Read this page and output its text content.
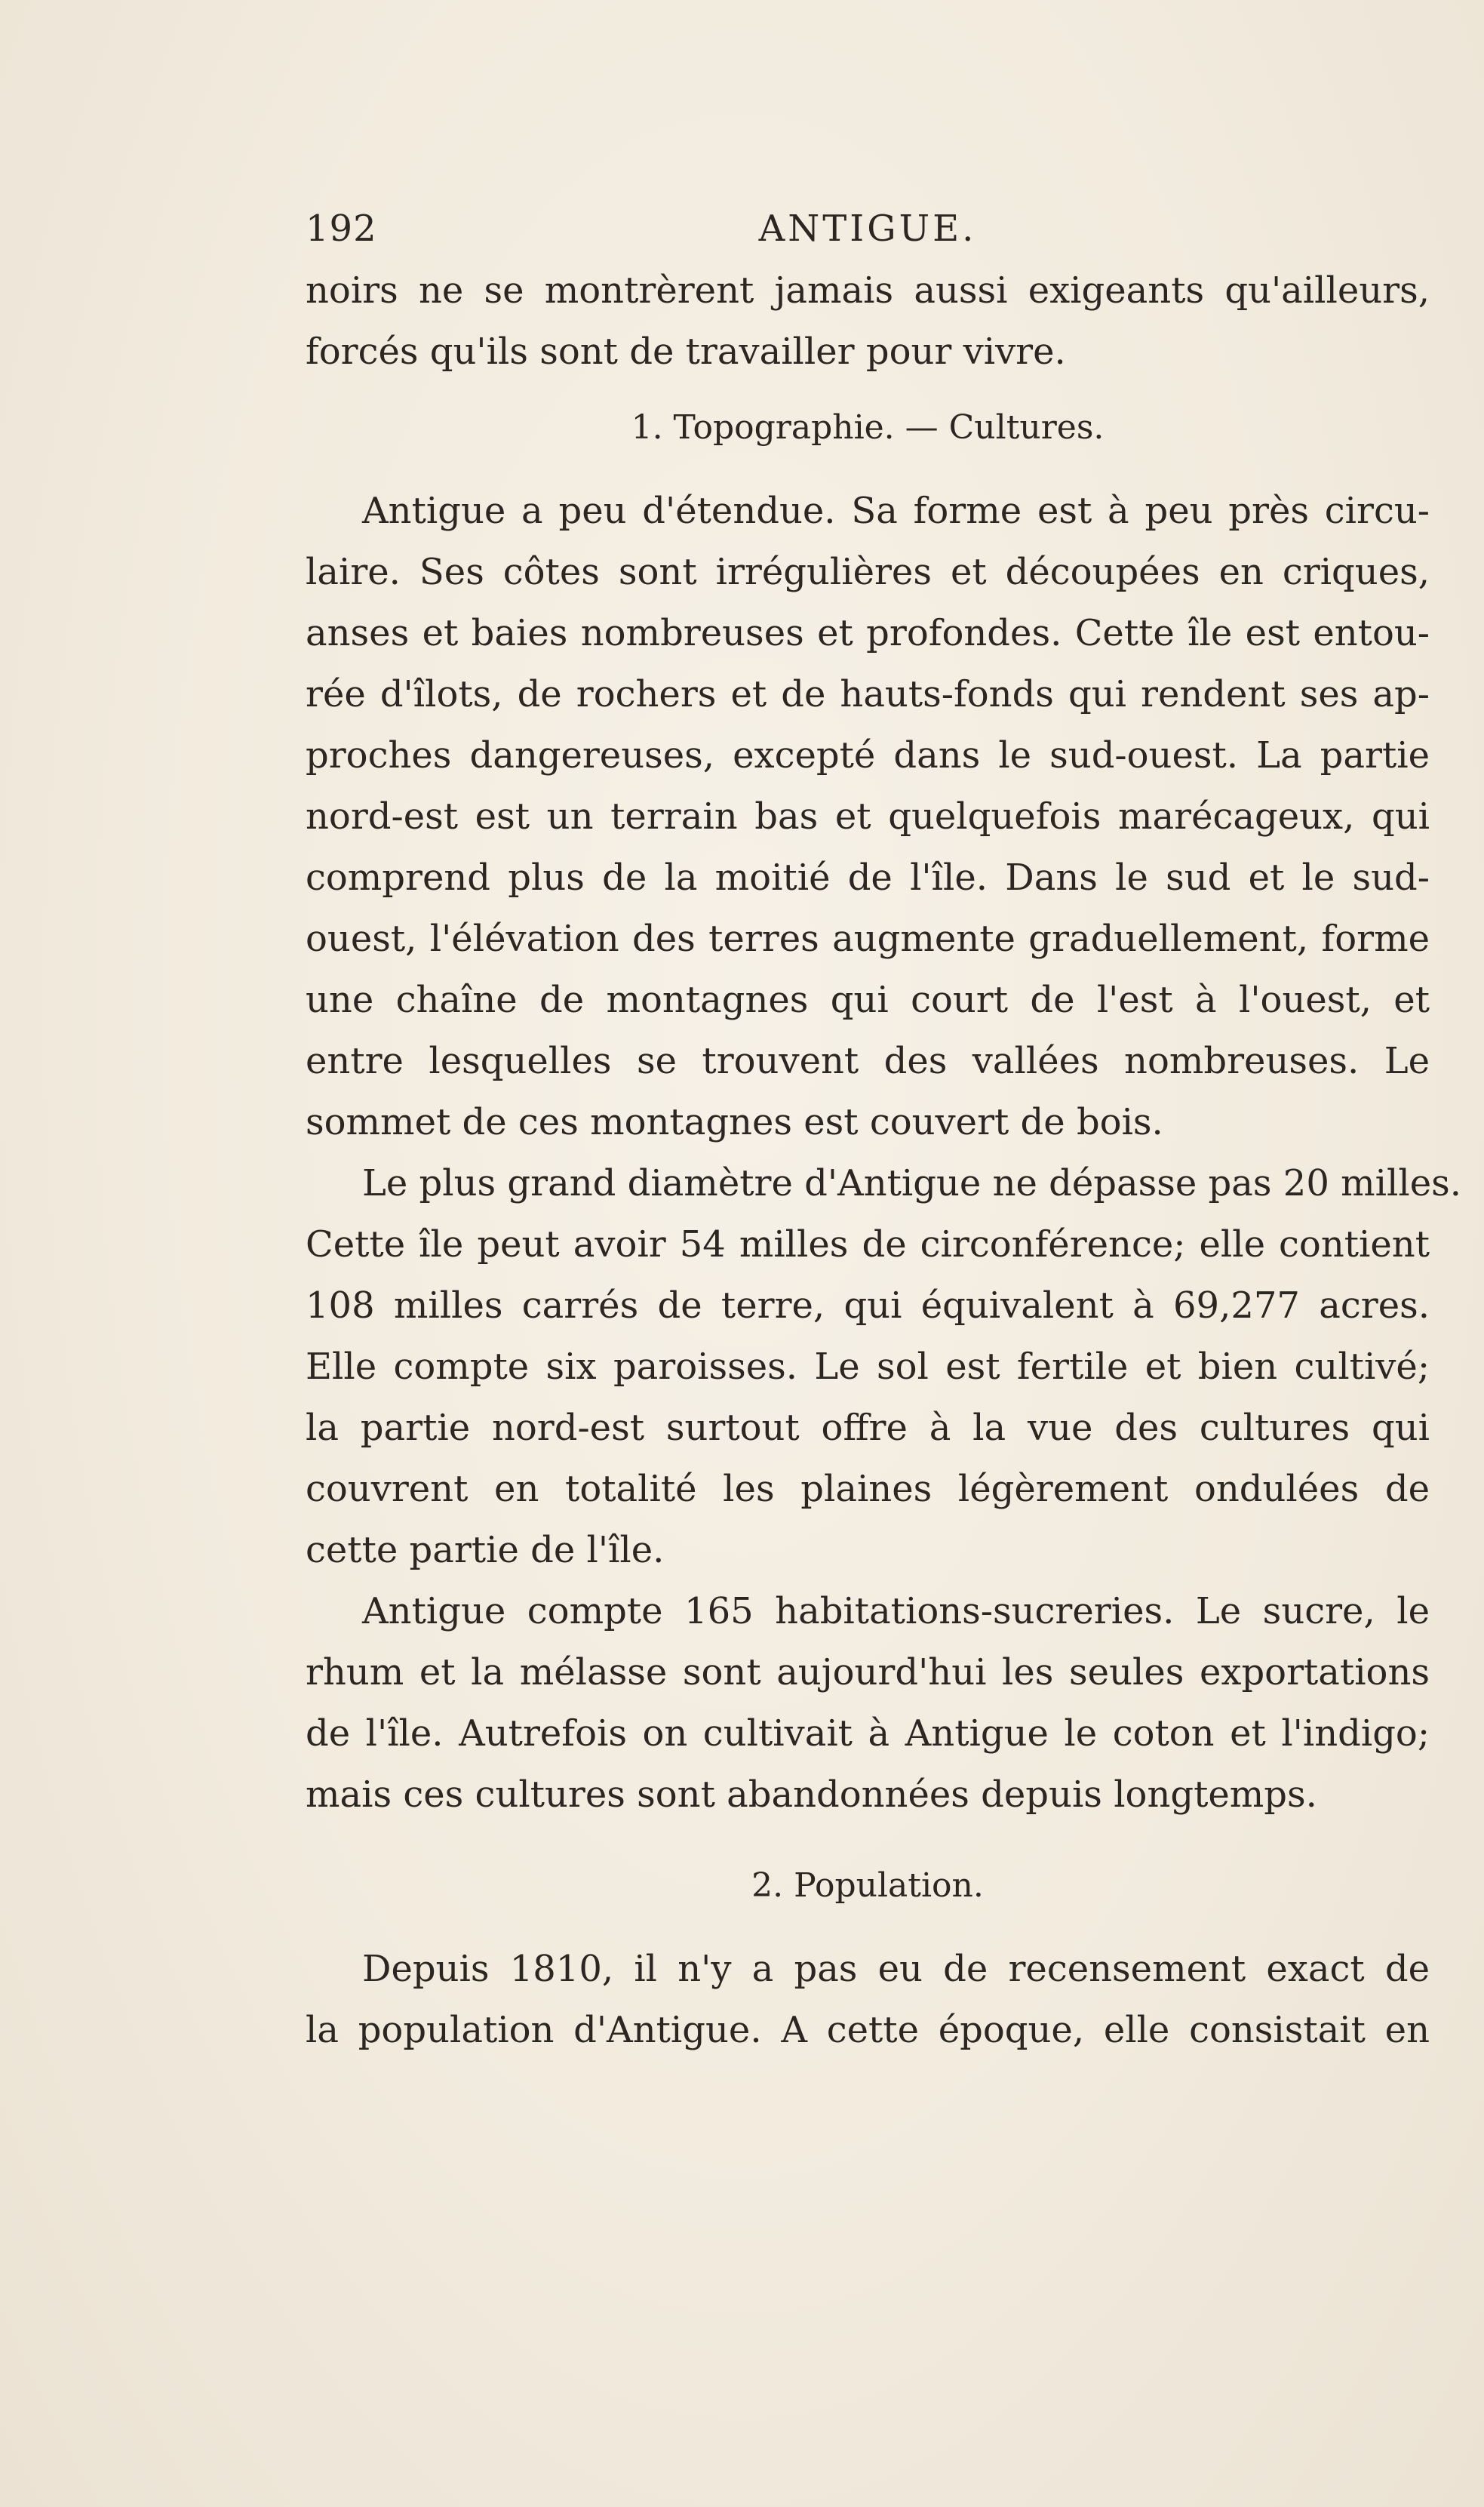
192	ANTIGUE.
noirs ne se montrèrent jamais aussi exigeants qu'ailleurs,
forcés qu'ils sont de travailler pour vivre.
1. Topographie. — Cultures.
Antigue a peu d'étendue. Sa forme est à peu près circu-
laire. Ses côtes sont irrégulières et découpées en criques,
anses et baies nombreuses et profondes. Cette île est entou-
rée d'îlots, de rochers et de hauts-fonds qui rendent ses ap-
proches dangereuses, excepté dans le sud-ouest. La partie
nord-est est un terrain bas et quelquefois marécageux, qui
comprend plus de la moitié de l'île. Dans le sud et le sud-
ouest, l'élévation des terres augmente graduellement, forme
une chaîne de montagnes qui court de l'est à l'ouest, et
entre lesquelles se trouvent des vallées nombreuses. Le
sommet de ces montagnes est couvert de bois.
Le plus grand diamètre d'Antigue ne dépasse pas 20 milles.
Cette île peut avoir 54 milles de circonférence; elle contient
108 milles carrés de terre, qui équivalent à 69,277 acres.
Elle compte six paroisses. Le sol est fertile et bien cultivé;
la partie nord-est surtout offre à la vue des cultures qui
couvrent en totalité les plaines légèrement ondulées de
cette partie de l'île.
Antigue compte 165 habitations-sucreries. Le sucre, le
rhum et la mélasse sont aujourd'hui les seules exportations
de l'île. Autrefois on cultivait à Antigue le coton et l'indigo;
mais ces cultures sont abandonnées depuis longtemps.
2. Population.
Depuis 1810, il n'y a pas eu de recensement exact de
la population d'Antigue. A cette époque, elle consistait en
